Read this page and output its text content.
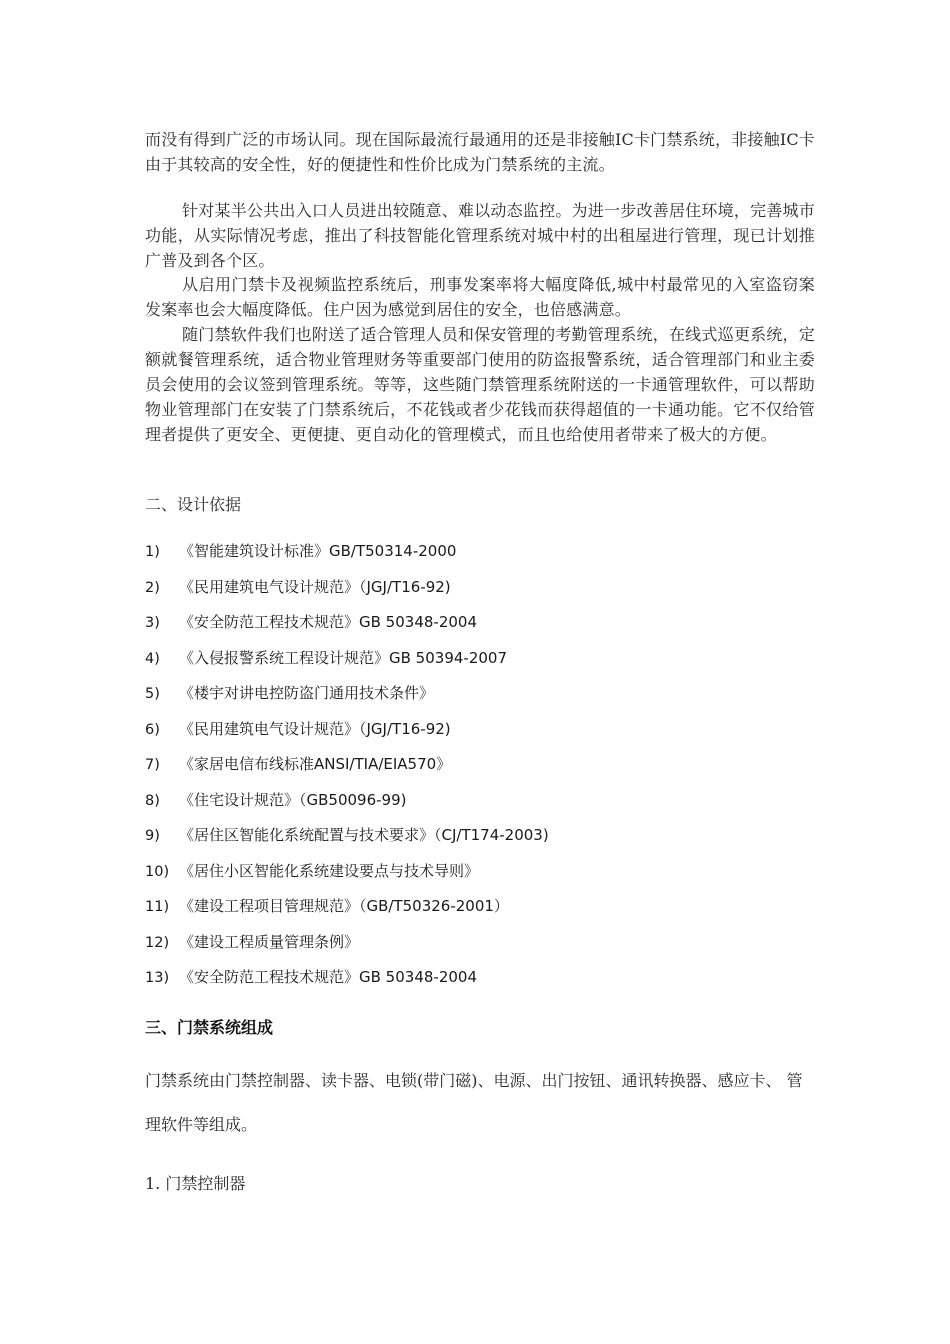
而没有得到广泛的市场认同。现在国际最流行最通用的还是非接触IC卡门禁系统，非接触IC卡由于其较高的安全性，好的便捷性和性价比成为门禁系统的主流。

针对某半公共出入口人员进出较随意、难以动态监控。为进一步改善居住环境，完善城市功能，从实际情况考虑，推出了科技智能化管理系统对城中村的出租屋进行管理，现已计划推广普及到各个区。

从启用门禁卡及视频监控系统后，刑事发案率将大幅度降低,城中村最常见的入室盗窃案发案率也会大幅度降低。住户因为感觉到居住的安全，也倍感满意。

随门禁软件我们也附送了适合管理人员和保安管理的考勤管理系统，在线式巡更系统，定额就餐管理系统，适合物业管理财务等重要部门使用的防盗报警系统，适合管理部门和业主委员会使用的会议签到管理系统。等等，这些随门禁管理系统附送的一卡通管理软件，可以帮助物业管理部门在安装了门禁系统后，不花钱或者少花钱而获得超值的一卡通功能。它不仅给管理者提供了更安全、更便捷、更自动化的管理模式，而且也给使用者带来了极大的方便。

二、设计依据
1) 《智能建筑设计标准》GB/T50314-2000
2) 《民用建筑电气设计规范》（JGJ/T16-92)
3) 《安全防范工程技术规范》GB 50348-2004
4) 《入侵报警系统工程设计规范》GB 50394-2007
5) 《楼宇对讲电控防盗门通用技术条件》
6) 《民用建筑电气设计规范》（JGJ/T16-92)
7) 《家居电信布线标准ANSI/TIA/EIA570》
8) 《住宅设计规范》（GB50096-99)
9) 《居住区智能化系统配置与技术要求》（CJ/T174-2003)
10) 《居住小区智能化系统建设要点与技术导则》
11) 《建设工程项目管理规范》（GB/T50326-2001）
12) 《建设工程质量管理条例》
13) 《安全防范工程技术规范》GB 50348-2004
三、门禁系统组成

门禁系统由门禁控制器、读卡器、电锁(带门磁)、电源、出门按钮、通讯转换器、感应卡、 管理软件等组成。

1. 门禁控制器
